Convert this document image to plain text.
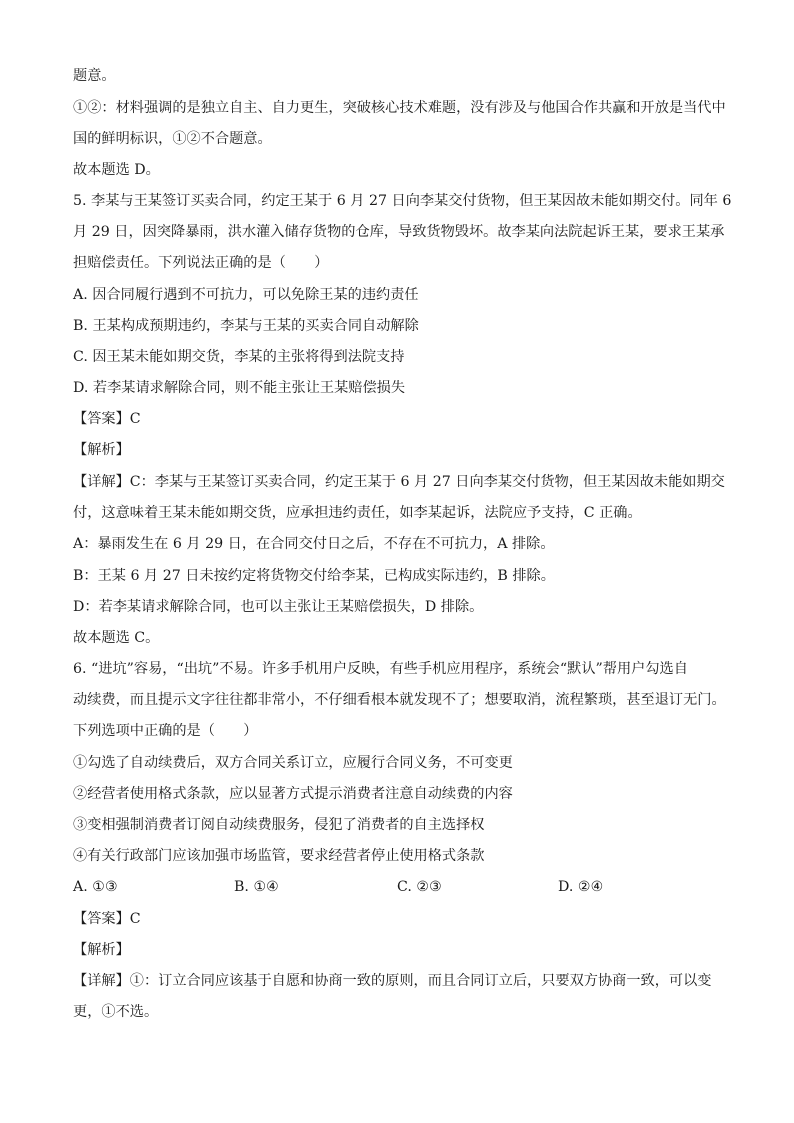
题意。
①②：材料强调的是独立自主、自力更生，突破核心技术难题，没有涉及与他国合作共赢和开放是当代中
国的鲜明标识，①②不合题意。
故本题选 D。
5. 李某与王某签订买卖合同，约定王某于 6 月 27 日向李某交付货物，但王某因故未能如期交付。同年 6
月 29 日，因突降暴雨，洪水灌入储存货物的仓库，导致货物毁坏。故李某向法院起诉王某，要求王某承
担赔偿责任。下列说法正确的是（　　）
A. 因合同履行遇到不可抗力，可以免除王某的违约责任
B. 王某构成预期违约，李某与王某的买卖合同自动解除
C. 因王某未能如期交货，李某的主张将得到法院支持
D. 若李某请求解除合同，则不能主张让王某赔偿损失
【答案】C
【解析】
【详解】C：李某与王某签订买卖合同，约定王某于 6 月 27 日向李某交付货物，但王某因故未能如期交
付，这意味着王某未能如期交货，应承担违约责任，如李某起诉，法院应予支持，C 正确。
A：暴雨发生在 6 月 29 日，在合同交付日之后，不存在不可抗力，A 排除。
B：王某 6 月 27 日未按约定将货物交付给李某，已构成实际违约，B 排除。
D：若李某请求解除合同，也可以主张让王某赔偿损失，D 排除。
故本题选 C。
6. “进坑”容易，“出坑”不易。许多手机用户反映，有些手机应用程序，系统会“默认”帮用户勾选自
动续费，而且提示文字往往都非常小，不仔细看根本就发现不了；想要取消，流程繁琐，甚至退订无门。
下列选项中正确的是（　　）
①勾选了自动续费后，双方合同关系订立，应履行合同义务，不可变更
②经营者使用格式条款，应以显著方式提示消费者注意自动续费的内容
③变相强制消费者订阅自动续费服务，侵犯了消费者的自主选择权
④有关行政部门应该加强市场监管，要求经营者停止使用格式条款
A. ①③	B. ①④	C. ②③	D. ②④
【答案】C
【解析】
【详解】①：订立合同应该基于自愿和协商一致的原则，而且合同订立后，只要双方协商一致，可以变
更，①不选。
